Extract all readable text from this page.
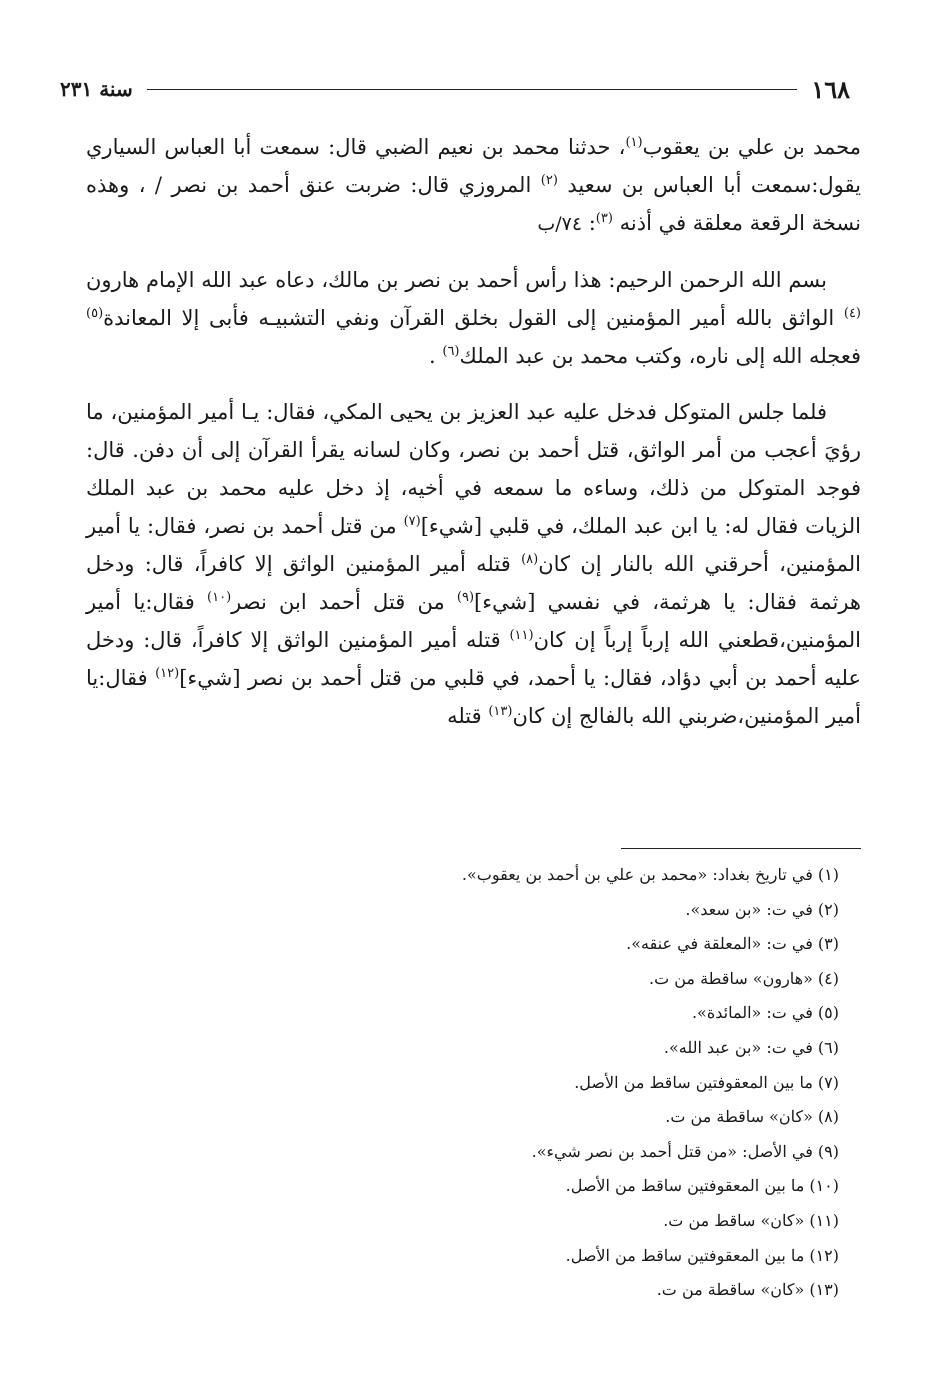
١٦٨
سنة ٢٣١

محمد بن علي بن يعقوب$^{(١)}$، حدثنا محمد بن نعيم الضبي قال: سمعت أبا العباس السياري يقول:سمعت أبا العباس بن سعيد $^{(٢)}$ المروزي قال: ضربت عنق أحمد بن نصر / ، وهذه نسخة الرقعة معلقة في أذنه $^{(٣)}$: ٧٤/ب

بسم الله الرحمن الرحيم: هذا رأس أحمد بن نصر بن مالك، دعاه عبد الله الإمام هارون $^{(٤)}$ الواثق بالله أمير المؤمنين إلى القول بخلق القرآن ونفي التشبيـه فأبى إلا المعاندة$^{(٥)}$ فعجله الله إلى ناره، وكتب محمد بن عبد الملك$^{(٦)}$ .

فلما جلس المتوكل فدخل عليه عبد العزيز بن يحيى المكي، فقال: يـا أمير المؤمنين، ما رؤيَ أعجب من أمر الواثق، قتل أحمد بن نصر، وكان لسانه يقرأ القرآن إلى أن دفن. قال: فوجد المتوكل من ذلك، وساءه ما سمعه في أخيه، إذ دخل عليه محمد بن عبد الملك الزيات فقال له: يا ابن عبد الملك، في قلبي [شيء]$^{(٧)}$ من قتل أحمد بن نصر، فقال: يا أمير المؤمنين، أحرقني الله بالنار إن كان$^{(٨)}$ قتله أمير المؤمنين الواثق إلا كافراً، قال: ودخل هرثمة فقال: يا هرثمة، في نفسي [شيء]$^{(٩)}$ من قتل أحمد ابن نصر$^{(١٠)}$ فقال:يا أمير المؤمنين،قطعني الله إرباً إرباً إن كان$^{(١١)}$ قتله أمير المؤمنين الواثق إلا كافراً، قال: ودخل عليه أحمد بن أبي دؤاد، فقال: يا أحمد، في قلبي من قتل أحمد بن نصر [شيء]$^{(١٢)}$ فقال:يا أمير المؤمنين،ضربني الله بالفالج إن كان$^{(١٣)}$ قتله

(١)في تاريخ بغداد: «محمد بن علي بن أحمد بن يعقوب».
(٢)في ت: «بن سعد».
(٣)في ت: «المعلقة في عنقه».
(٤)«هارون» ساقطة من ت.
(٥)في ت: «المائدة».
(٦)في ت: «بن عبد الله».
(٧)ما بين المعقوفتين ساقط من الأصل.
(٨)«كان» ساقطة من ت.
(٩)في الأصل: «من قتل أحمد بن نصر شيء».
(١٠)ما بين المعقوفتين ساقط من الأصل.
(١١)«كان» ساقط من ت.
(١٢)ما بين المعقوفتين ساقط من الأصل.
(١٣)«كان» ساقطة من ت.
